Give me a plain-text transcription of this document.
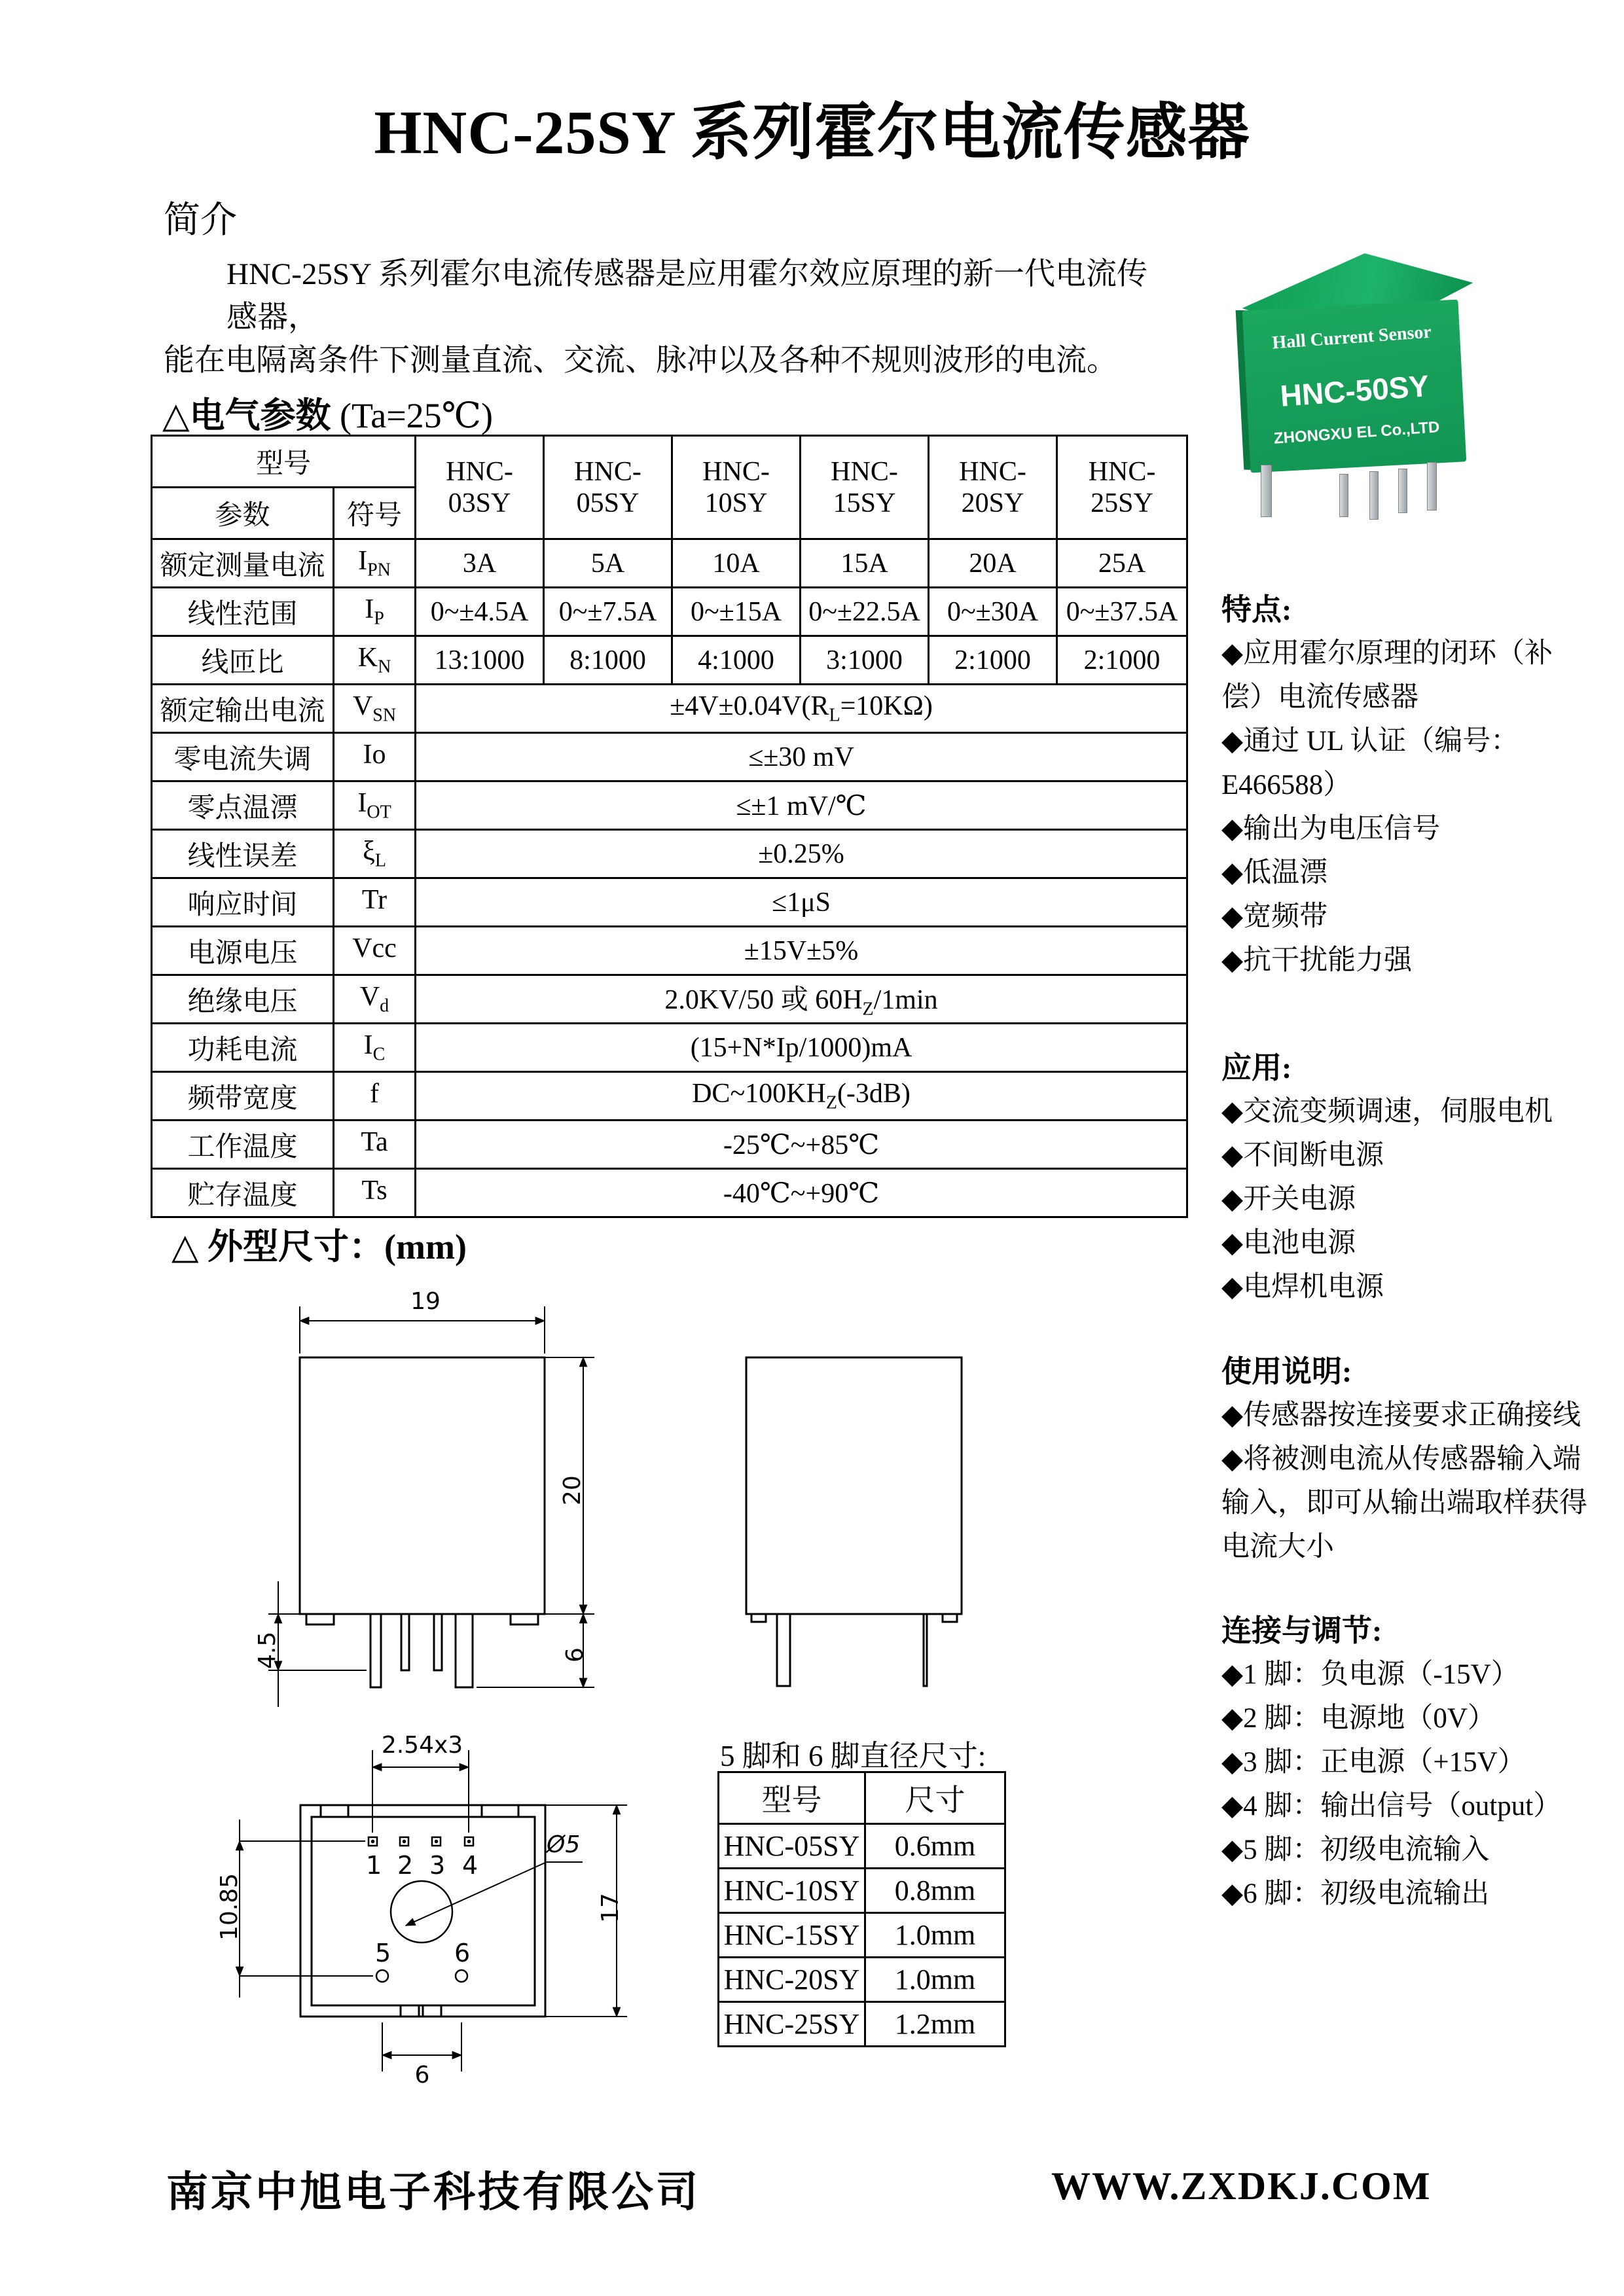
HNC-25SY 系列霍尔电流传感器
简介
HNC-25SY 系列霍尔电流传感器是应用霍尔效应原理的新一代电流传感器，
能在电隔离条件下测量直流、交流、脉冲以及各种不规则波形的电流。
Hall Current Sensor
HNC-50SY
ZHONGXU EL Co.,LTD
△电气参数 (Ta=25℃)
型号		HNC-03SY	HNC-05SY	HNC-10SY	HNC-15SY	HNC-20SY	HNC-25SY
参数	符号						
额定测量电流	$I_{PN}$	3A	5A	10A	15A	20A	25A
线性范围	$I_P$	0~±4.5A	0~±7.5A	0~±15A	0~±22.5A	0~±30A	0~±37.5A
线匝比	$K_N$	13:1000	8:1000	4:1000	3:1000	2:1000	2:1000
额定输出电流	$V_{SN}$	$\pm 4V\pm 0.04V(R_L=10K\Omega)$					
零电流失调	Io	≤±30 mV					
零点温漂	$I_{OT}$	≤±1 mV/℃					
线性误差	$\xi_L$	±0.25%					
响应时间	Tr	≤1μS					
电源电压	Vcc	±15V±5%					
绝缘电压	$V_d$	2.0KV/50 或 $60H_Z/1\min$					
功耗电流	$I_C$	(15+N*Ip/1000)mA					
频带宽度	f	$DC\sim 100KH_Z(-3dB)$					
工作温度	Ta	-25℃~+85℃					
贮存温度	Ts	-40℃~+90℃					
特点:
◆应用霍尔原理的闭环（补偿）电流传感器
◆通过 UL 认证（编号：E466588）
◆输出为电压信号
◆低温漂
◆宽频带
◆抗干扰能力强
应用:
◆交流变频调速，伺服电机
◆不间断电源
◆开关电源
◆电池电源
◆电焊机电源
使用说明:
◆传感器按连接要求正确接线
◆将被测电流从传感器输入端输入，即可从输出端取样获得电流大小
连接与调节:
◆1 脚：负电源（-15V）
◆2 脚：电源地（0V）
◆3 脚：正电源（+15V）
◆4 脚：输出信号（output）
◆5 脚：初级电流输入
◆6 脚：初级电流输出
△ 外型尺寸：(mm)
19
20
4.5	6
2.54x3
10.85	17
6
Ø5
1 2 3 4
5	6
5 脚和 6 脚直径尺寸:
型号	尺寸
HNC-05SY	0.6mm
HNC-10SY	0.8mm
HNC-15SY	1.0mm
HNC-20SY	1.0mm
HNC-25SY	1.2mm
南京中旭电子科技有限公司	WWW.ZXDKJ.COM
